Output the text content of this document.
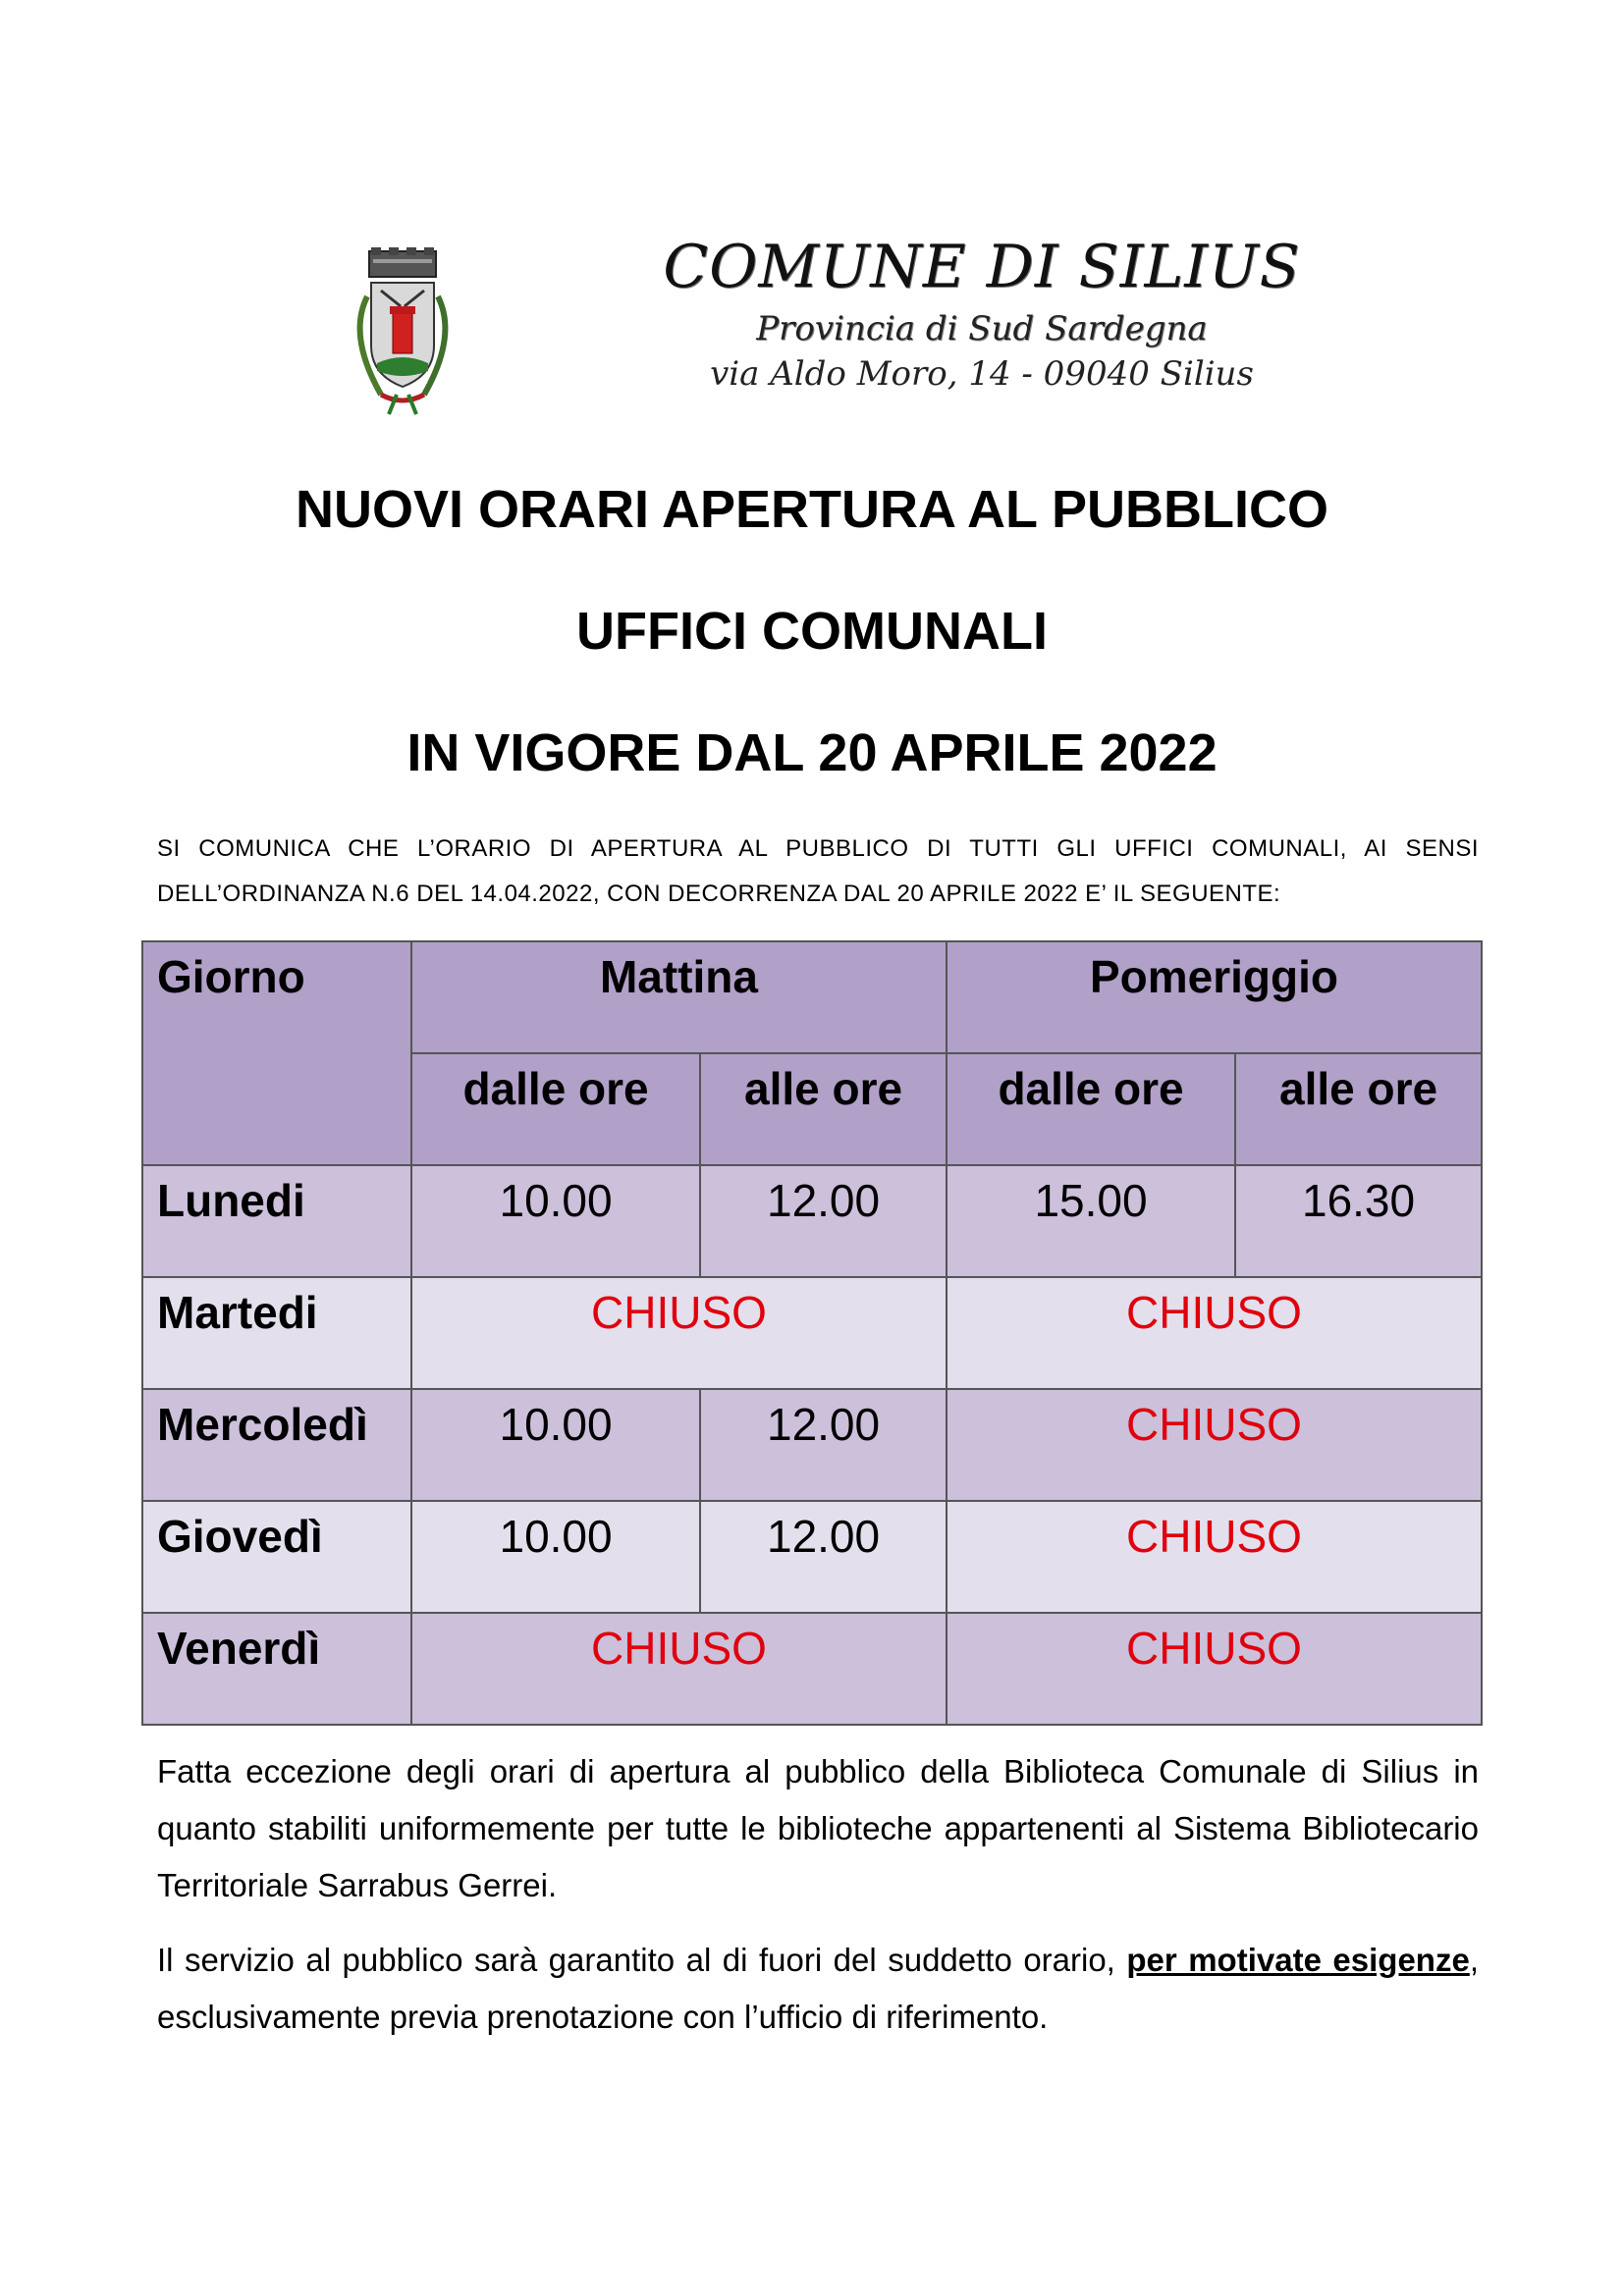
COMUNE DI SILIUS
Provincia di Sud Sardegna
via Aldo Moro, 14 - 09040 Silius
NUOVI ORARI APERTURA AL PUBBLICO
UFFICI COMUNALI
IN VIGORE DAL 20 APRILE 2022
SI COMUNICA CHE L’ORARIO DI APERTURA AL PUBBLICO DI TUTTI GLI UFFICI COMUNALI, AI SENSI
DELL’ORDINANZA N.6 DEL 14.04.2022, CON DECORRENZA DAL 20 APRILE 2022 E’ IL SEGUENTE:
Giorno	Mattina		Pomeriggio	
	dalle ore	alle ore	dalle ore	alle ore
Lunedi	10.00	12.00	15.00	16.30
Martedi	CHIUSO		CHIUSO	
Mercoledì	10.00	12.00	CHIUSO	
Giovedì	10.00	12.00	CHIUSO	
Venerdì	CHIUSO		CHIUSO	
Fatta eccezione degli orari di apertura al pubblico della Biblioteca Comunale di Silius in quanto stabiliti uniformemente per tutte le biblioteche appartenenti al Sistema Bibliotecario Territoriale Sarrabus Gerrei.
Il servizio al pubblico sarà garantito al di fuori del suddetto orario, per motivate esigenze, esclusivamente previa prenotazione con l’ufficio di riferimento.
